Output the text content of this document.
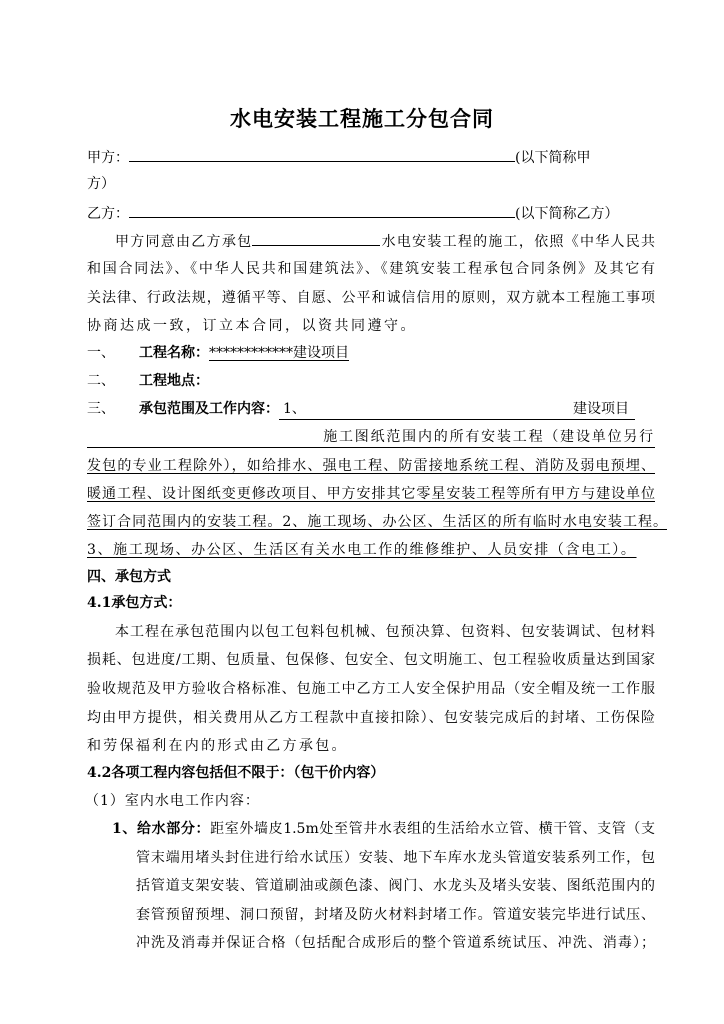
水电安装工程施工分包合同
甲方：	(以下简称甲
方）
乙方：	(以下简称乙方）
甲方同意由乙方承包	水电安装工程的施工，依照《中华人民共
和国合同法》、《中华人民共和国建筑法》、《建筑安装工程承包合同条例》及其它有
关法律、行政法规，遵循平等、自愿、公平和诚信信用的原则，双方就本工程施工事项
协商达成一致，订立本合同，以资共同遵守。
一、 工程名称：************建设项目
二、 工程地点：
三、 承包范围及工作内容： 1、	建设项目
施工图纸范围内的所有安装工程（建设单位另行
发包的专业工程除外），如给排水、强电工程、防雷接地系统工程、消防及弱电预埋、
暖通工程、设计图纸变更修改项目、甲方安排其它零星安装工程等所有甲方与建设单位
签订合同范围内的安装工程。2、施工现场、办公区、生活区的所有临时水电安装工程。
3、施工现场、办公区、生活区有关水电工作的维修维护、人员安排（含电工）。
四、承包方式
4.1承包方式：
本工程在承包范围内以包工包料包机械、包预决算、包资料、包安装调试、包材料
损耗、包进度/工期、包质量、包保修、包安全、包文明施工、包工程验收质量达到国家
验收规范及甲方验收合格标准、包施工中乙方工人安全保护用品（安全帽及统一工作服
均由甲方提供，相关费用从乙方工程款中直接扣除）、包安装完成后的封堵、工伤保险
和劳保福利在内的形式由乙方承包。
4.2各项工程内容包括但不限于：（包干价内容）
（1）室内水电工作内容：
1、给水部分：距室外墙皮1.5m处至管井水表组的生活给水立管、横干管、支管（支
管末端用堵头封住进行给水试压）安装、地下车库水龙头管道安装系列工作，包
括管道支架安装、管道刷油或颜色漆、阀门、水龙头及堵头安装、图纸范围内的
套管预留预埋、洞口预留，封堵及防火材料封堵工作。管道安装完毕进行试压、
冲洗及消毒并保证合格（包括配合成形后的整个管道系统试压、冲洗、消毒）；
